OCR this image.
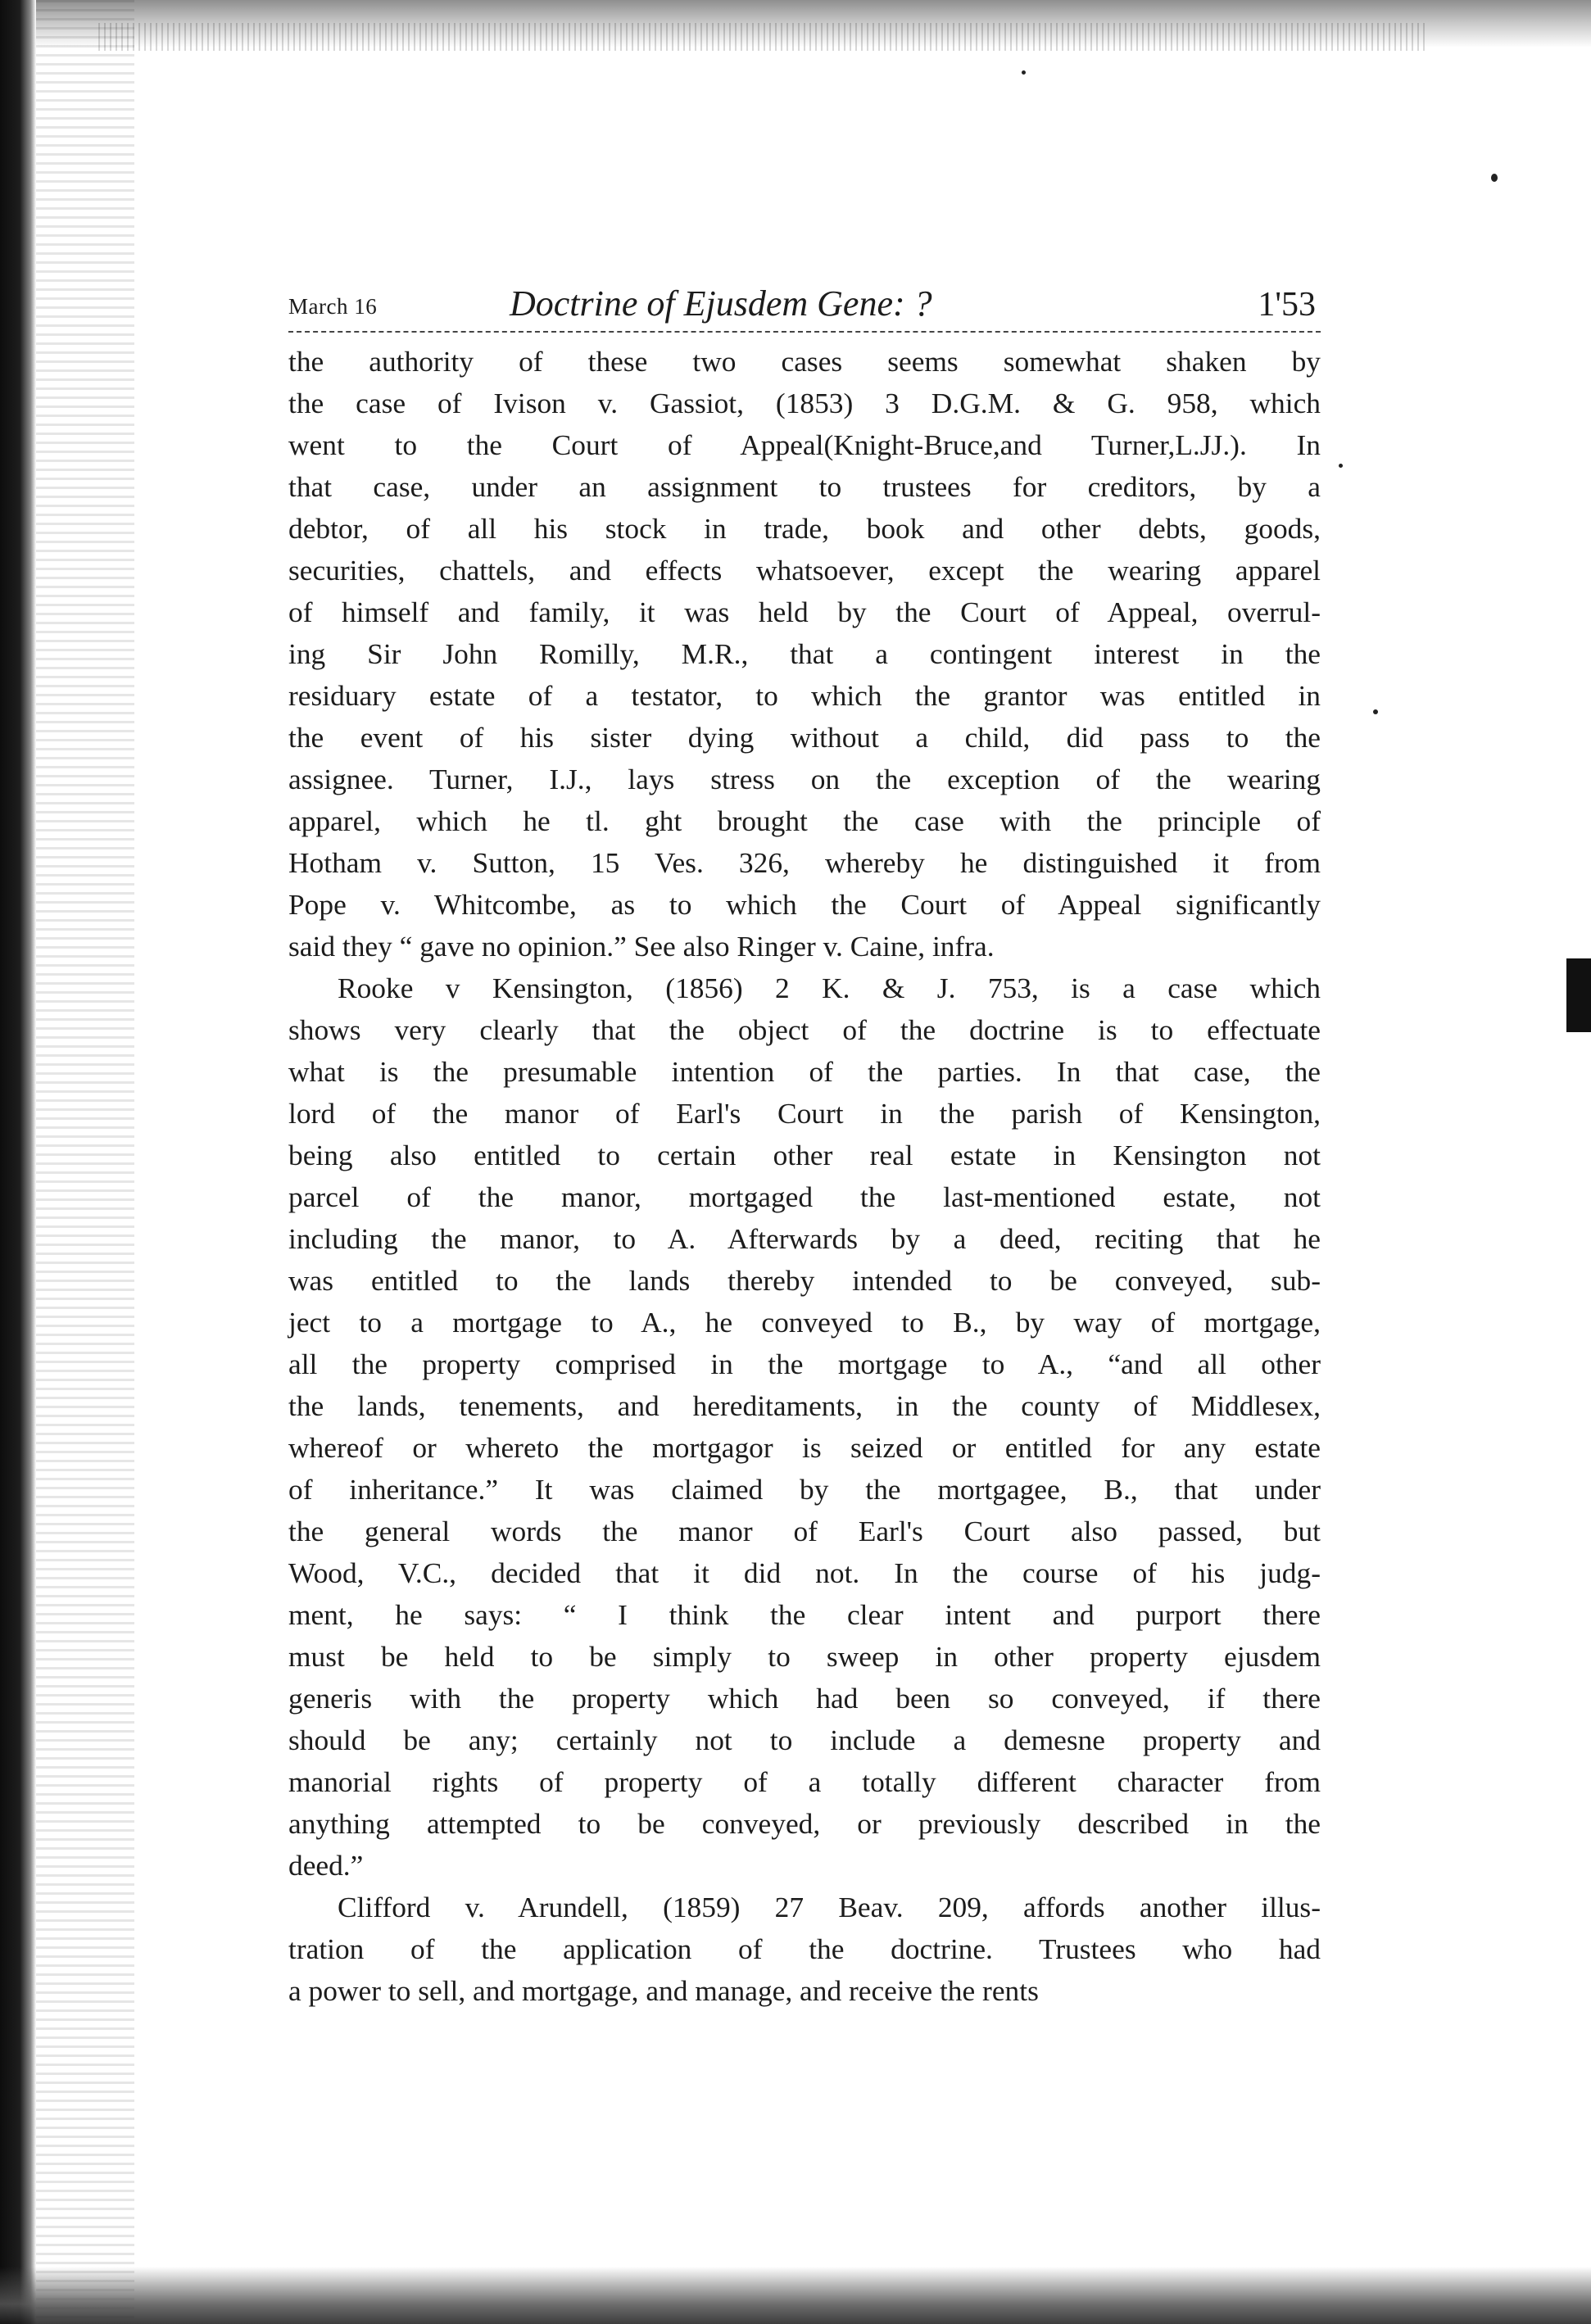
March 16	Doctrine of Ejusdem Gene: ?	1'53

the authority of these two cases seems somewhat shaken by
the case of Ivison v. Gassiot, (1853) 3 D.G.M. & G. 958, which
went to the Court of Appeal(Knight-Bruce,and Turner,L.JJ.). In
that case, under an assignment to trustees for creditors, by a
debtor, of all his stock in trade, book and other debts, goods,
securities, chattels, and effects whatsoever, except the wearing apparel
of himself and family, it was held by the Court of Appeal, overrul-
ing Sir John Romilly, M.R., that a contingent interest in the
residuary estate of a testator, to which the grantor was entitled in
the event of his sister dying without a child, did pass to the
assignee. Turner, I.J., lays stress on the exception of the wearing
apparel, which he tl. ght brought the case with the principle of
Hotham v. Sutton, 15 Ves. 326, whereby he distinguished it from
Pope v. Whitcombe, as to which the Court of Appeal significantly
said they “ gave no opinion.” See also Ringer v. Caine, infra.

Rooke v Kensington, (1856) 2 K. & J. 753, is a case which
shows very clearly that the object of the doctrine is to effectuate
what is the presumable intention of the parties. In that case, the
lord of the manor of Earl's Court in the parish of Kensington,
being also entitled to certain other real estate in Kensington not
parcel of the manor, mortgaged the last-mentioned estate, not
including the manor, to A. Afterwards by a deed, reciting that he
was entitled to the lands thereby intended to be conveyed, sub-
ject to a mortgage to A., he conveyed to B., by way of mortgage,
all the property comprised in the mortgage to A., “and all other
the lands, tenements, and hereditaments, in the county of Middlesex,
whereof or whereto the mortgagor is seized or entitled for any estate
of inheritance.” It was claimed by the mortgagee, B., that under
the general words the manor of Earl's Court also passed, but
Wood, V.C., decided that it did not. In the course of his judg-
ment, he says: “ I think the clear intent and purport there
must be held to be simply to sweep in other property ejusdem
generis with the property which had been so conveyed, if there
should be any; certainly not to include a demesne property and
manorial rights of property of a totally different character from
anything attempted to be conveyed, or previously described in the
deed.”

Clifford v. Arundell, (1859) 27 Beav. 209, affords another illus-
tration of the application of the doctrine. Trustees who had
a power to sell, and mortgage, and manage, and receive the rents
